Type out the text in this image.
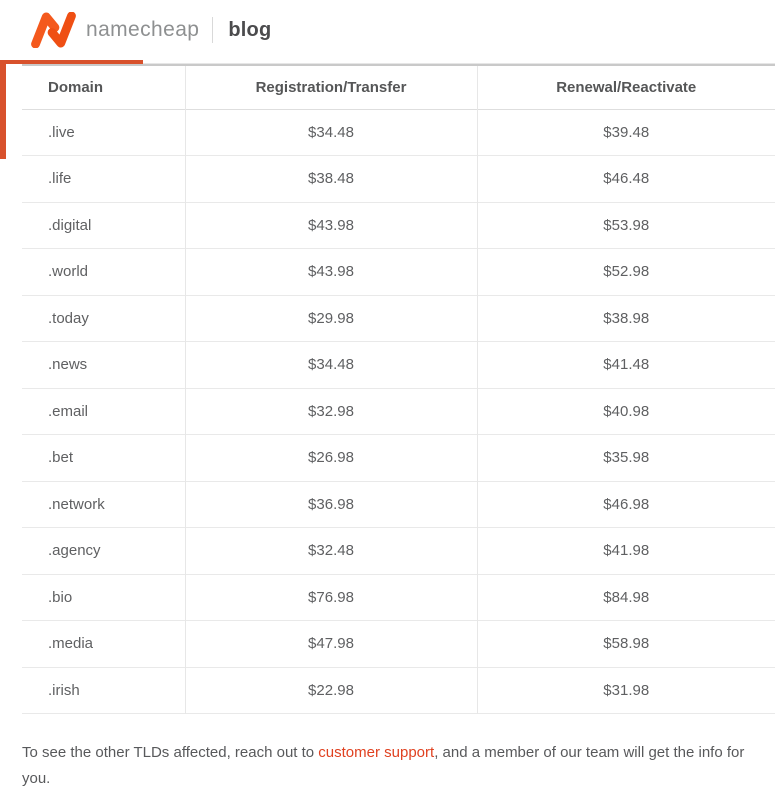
namecheap blog
Domain	Registration/Transfer	Renewal/Reactivate
.live	$34.48	$39.48
.life	$38.48	$46.48
.digital	$43.98	$53.98
.world	$43.98	$52.98
.today	$29.98	$38.98
.news	$34.48	$41.48
.email	$32.98	$40.98
.bet	$26.98	$35.98
.network	$36.98	$46.98
.agency	$32.48	$41.98
.bio	$76.98	$84.98
.media	$47.98	$58.98
.irish	$22.98	$31.98

To see the other TLDs affected, reach out to customer support, and a member of our team will get the info for you.
